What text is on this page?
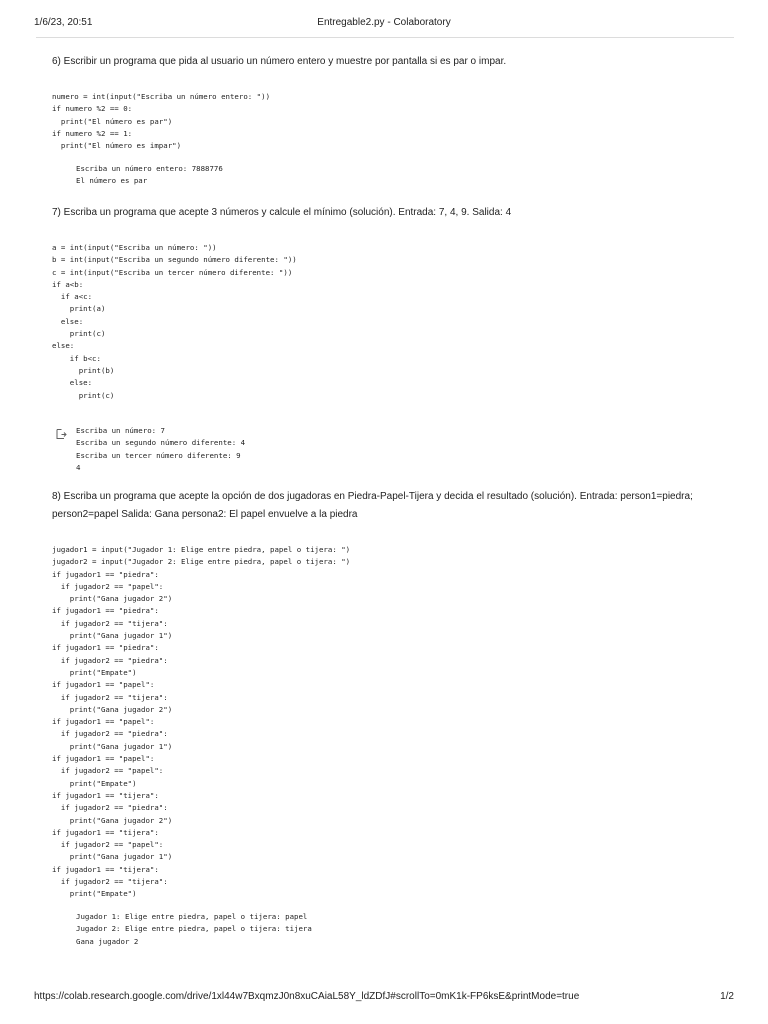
1/6/23, 20:51	Entregable2.py - Colaboratory
6) Escribir un programa que pida al usuario un número entero y muestre por pantalla si es par o impar.
numero = int(input("Escriba un número entero: "))
if numero %2 == 0:
print("El número es par")
if numero %2 == 1:
print("El número es impar")
Escriba un número entero: 7888776
El número es par
7) Escriba un programa que acepte 3 números y calcule el mínimo (solución). Entrada: 7, 4, 9. Salida: 4
a = int(input("Escriba un número: "))
b = int(input("Escriba un segundo número diferente: "))
c = int(input("Escriba un tercer número diferente: "))
if a<b:
if a<c:
print(a)
else:
print(c)
else:
if b<c:
print(b)
else:
print(c)
Escriba un número: 7
Escriba un segundo número diferente: 4
Escriba un tercer número diferente: 9
4
8) Escriba un programa que acepte la opción de dos jugadoras en Piedra-Papel-Tijera y decida el resultado (solución). Entrada: person1=piedra; person2=papel Salida: Gana persona2: El papel envuelve a la piedra
jugador1 = input("Jugador 1: Elige entre piedra, papel o tijera: ")
jugador2 = input("Jugador 2: Elige entre piedra, papel o tijera: ")
if jugador1 == "piedra":
if jugador2 == "papel":
print("Gana jugador 2")
if jugador1 == "piedra":
if jugador2 == "tijera":
print("Gana jugador 1")
if jugador1 == "piedra":
if jugador2 == "piedra":
print("Empate")
if jugador1 == "papel":
if jugador2 == "tijera":
print("Gana jugador 2")
if jugador1 == "papel":
if jugador2 == "piedra":
print("Gana jugador 1")
if jugador1 == "papel":
if jugador2 == "papel":
print("Empate")
if jugador1 == "tijera":
if jugador2 == "piedra":
print("Gana jugador 2")
if jugador1 == "tijera":
if jugador2 == "papel":
print("Gana jugador 1")
if jugador1 == "tijera":
if jugador2 == "tijera":
print("Empate")
Jugador 1: Elige entre piedra, papel o tijera: papel
Jugador 2: Elige entre piedra, papel o tijera: tijera
Gana jugador 2
https://colab.research.google.com/drive/1xl44w7BxqmzJ0n8xuCAiaL58Y_ldZDfJ#scrollTo=0mK1k-FP6ksE&printMode=true	1/2
